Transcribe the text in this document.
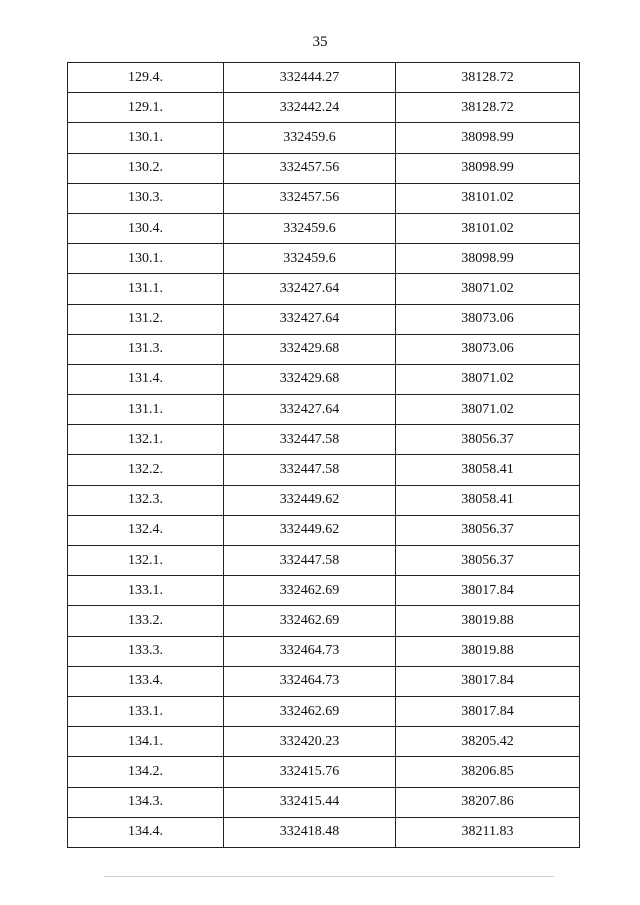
35
129.4.	332444.27	38128.72
129.1.	332442.24	38128.72
130.1.	332459.6	38098.99
130.2.	332457.56	38098.99
130.3.	332457.56	38101.02
130.4.	332459.6	38101.02
130.1.	332459.6	38098.99
131.1.	332427.64	38071.02
131.2.	332427.64	38073.06
131.3.	332429.68	38073.06
131.4.	332429.68	38071.02
131.1.	332427.64	38071.02
132.1.	332447.58	38056.37
132.2.	332447.58	38058.41
132.3.	332449.62	38058.41
132.4.	332449.62	38056.37
132.1.	332447.58	38056.37
133.1.	332462.69	38017.84
133.2.	332462.69	38019.88
133.3.	332464.73	38019.88
133.4.	332464.73	38017.84
133.1.	332462.69	38017.84
134.1.	332420.23	38205.42
134.2.	332415.76	38206.85
134.3.	332415.44	38207.86
134.4.	332418.48	38211.83
